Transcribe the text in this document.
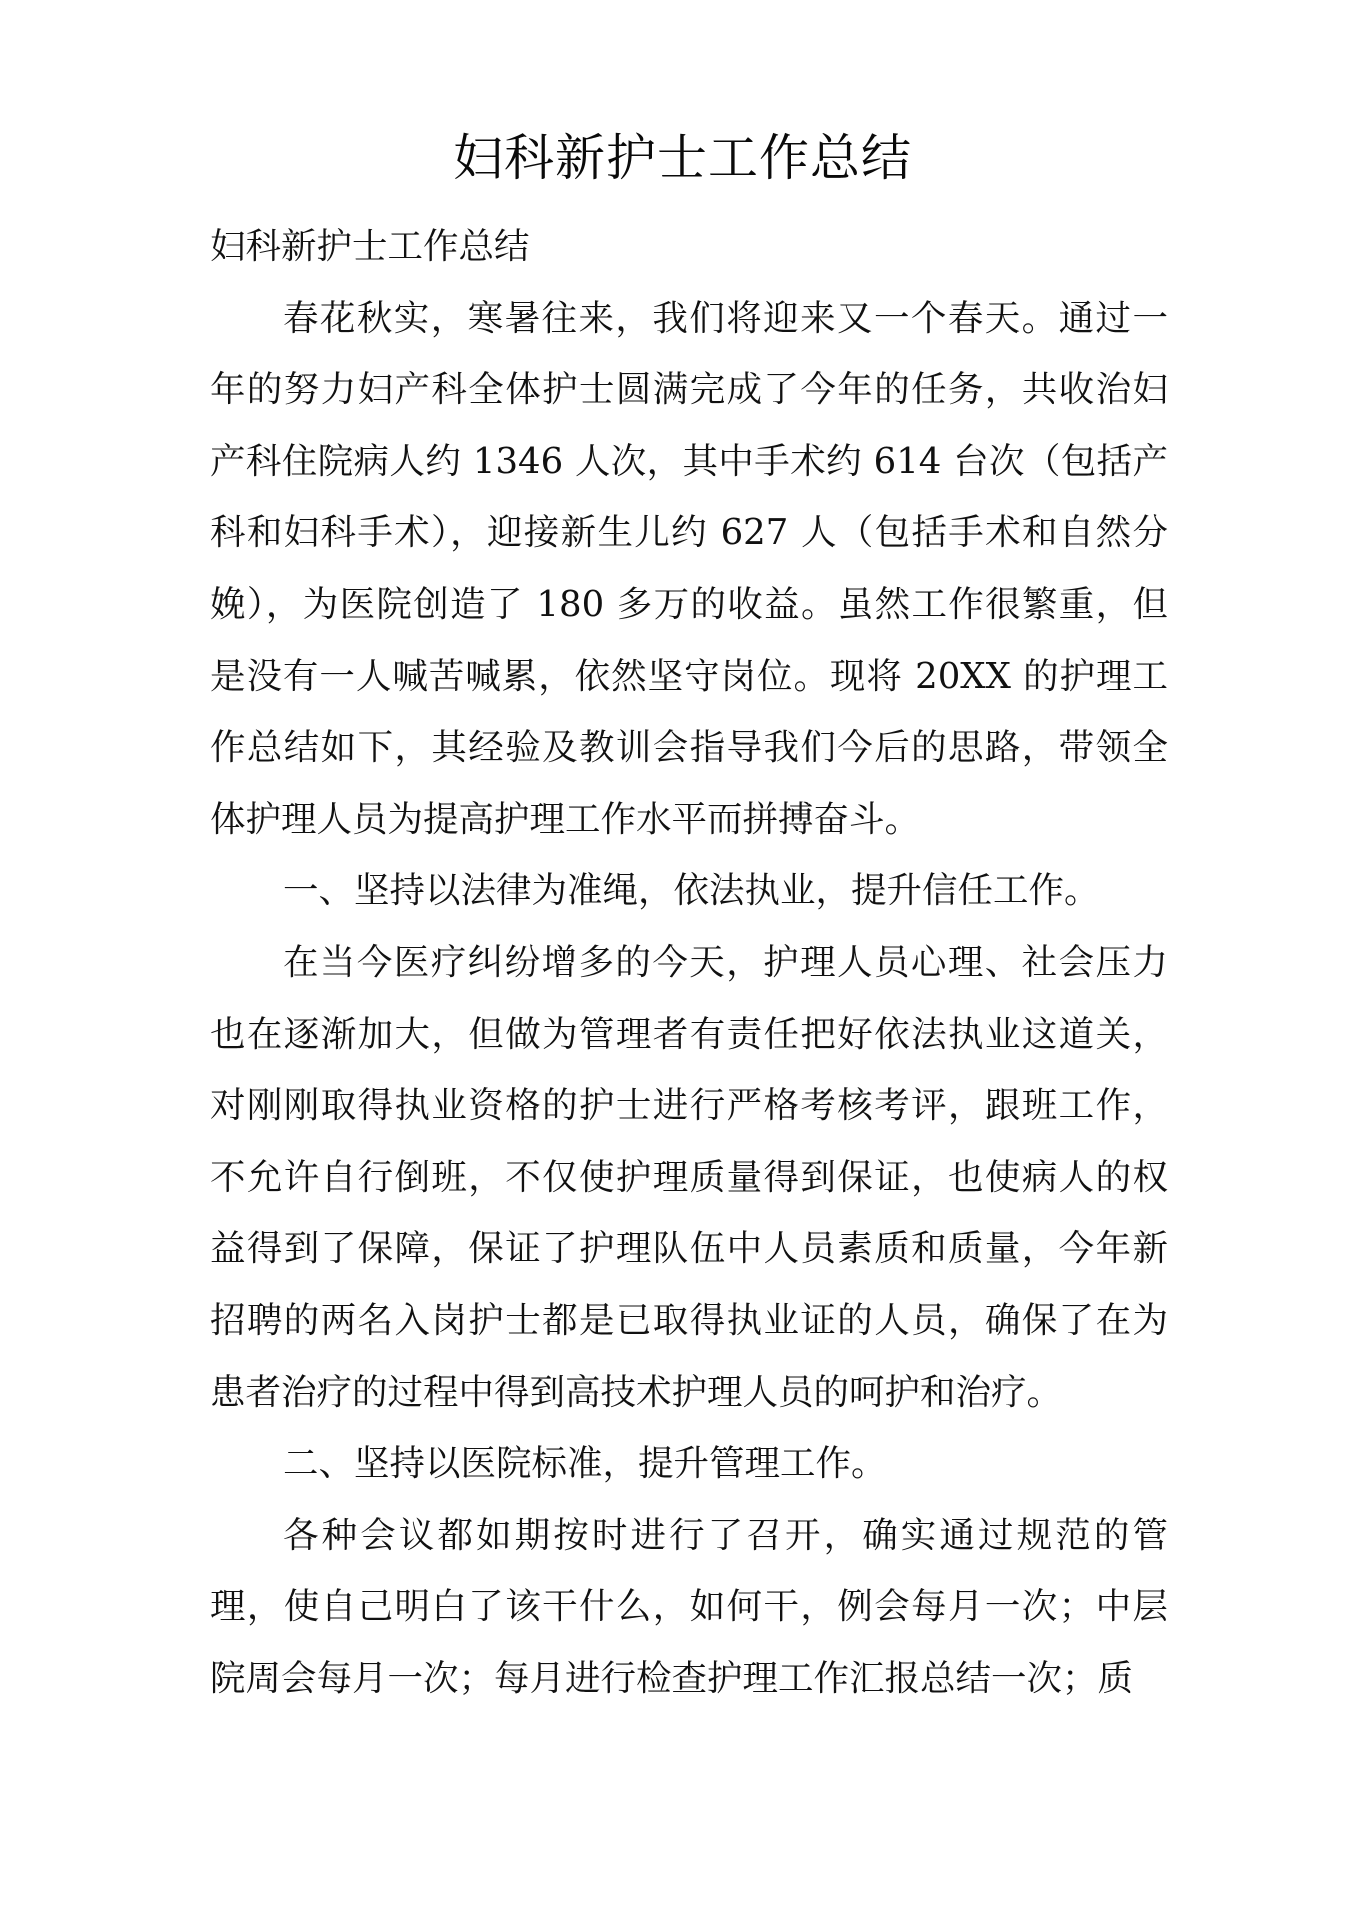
妇科新护士工作总结

妇科新护士工作总结

春花秋实，寒暑往来，我们将迎来又一个春天。通过一年的努力妇产科全体护士圆满完成了今年的任务，共收治妇产科住院病人约 1346 人次，其中手术约 614 台次（包括产科和妇科手术），迎接新生儿约 627 人（包括手术和自然分娩），为医院创造了 180 多万的收益。虽然工作很繁重，但是没有一人喊苦喊累，依然坚守岗位。现将 20XX 的护理工作总结如下，其经验及教训会指导我们今后的思路，带领全体护理人员为提高护理工作水平而拼搏奋斗。

一、坚持以法律为准绳，依法执业，提升信任工作。

在当今医疗纠纷增多的今天，护理人员心理、社会压力也在逐渐加大，但做为管理者有责任把好依法执业这道关，对刚刚取得执业资格的护士进行严格考核考评，跟班工作，不允许自行倒班，不仅使护理质量得到保证，也使病人的权益得到了保障，保证了护理队伍中人员素质和质量，今年新招聘的两名入岗护士都是已取得执业证的人员，确保了在为患者治疗的过程中得到高技术护理人员的呵护和治疗。

二、坚持以医院标准，提升管理工作。

各种会议都如期按时进行了召开，确实通过规范的管理，使自己明白了该干什么，如何干，例会每月一次；中层院周会每月一次；每月进行检查护理工作汇报总结一次；质
